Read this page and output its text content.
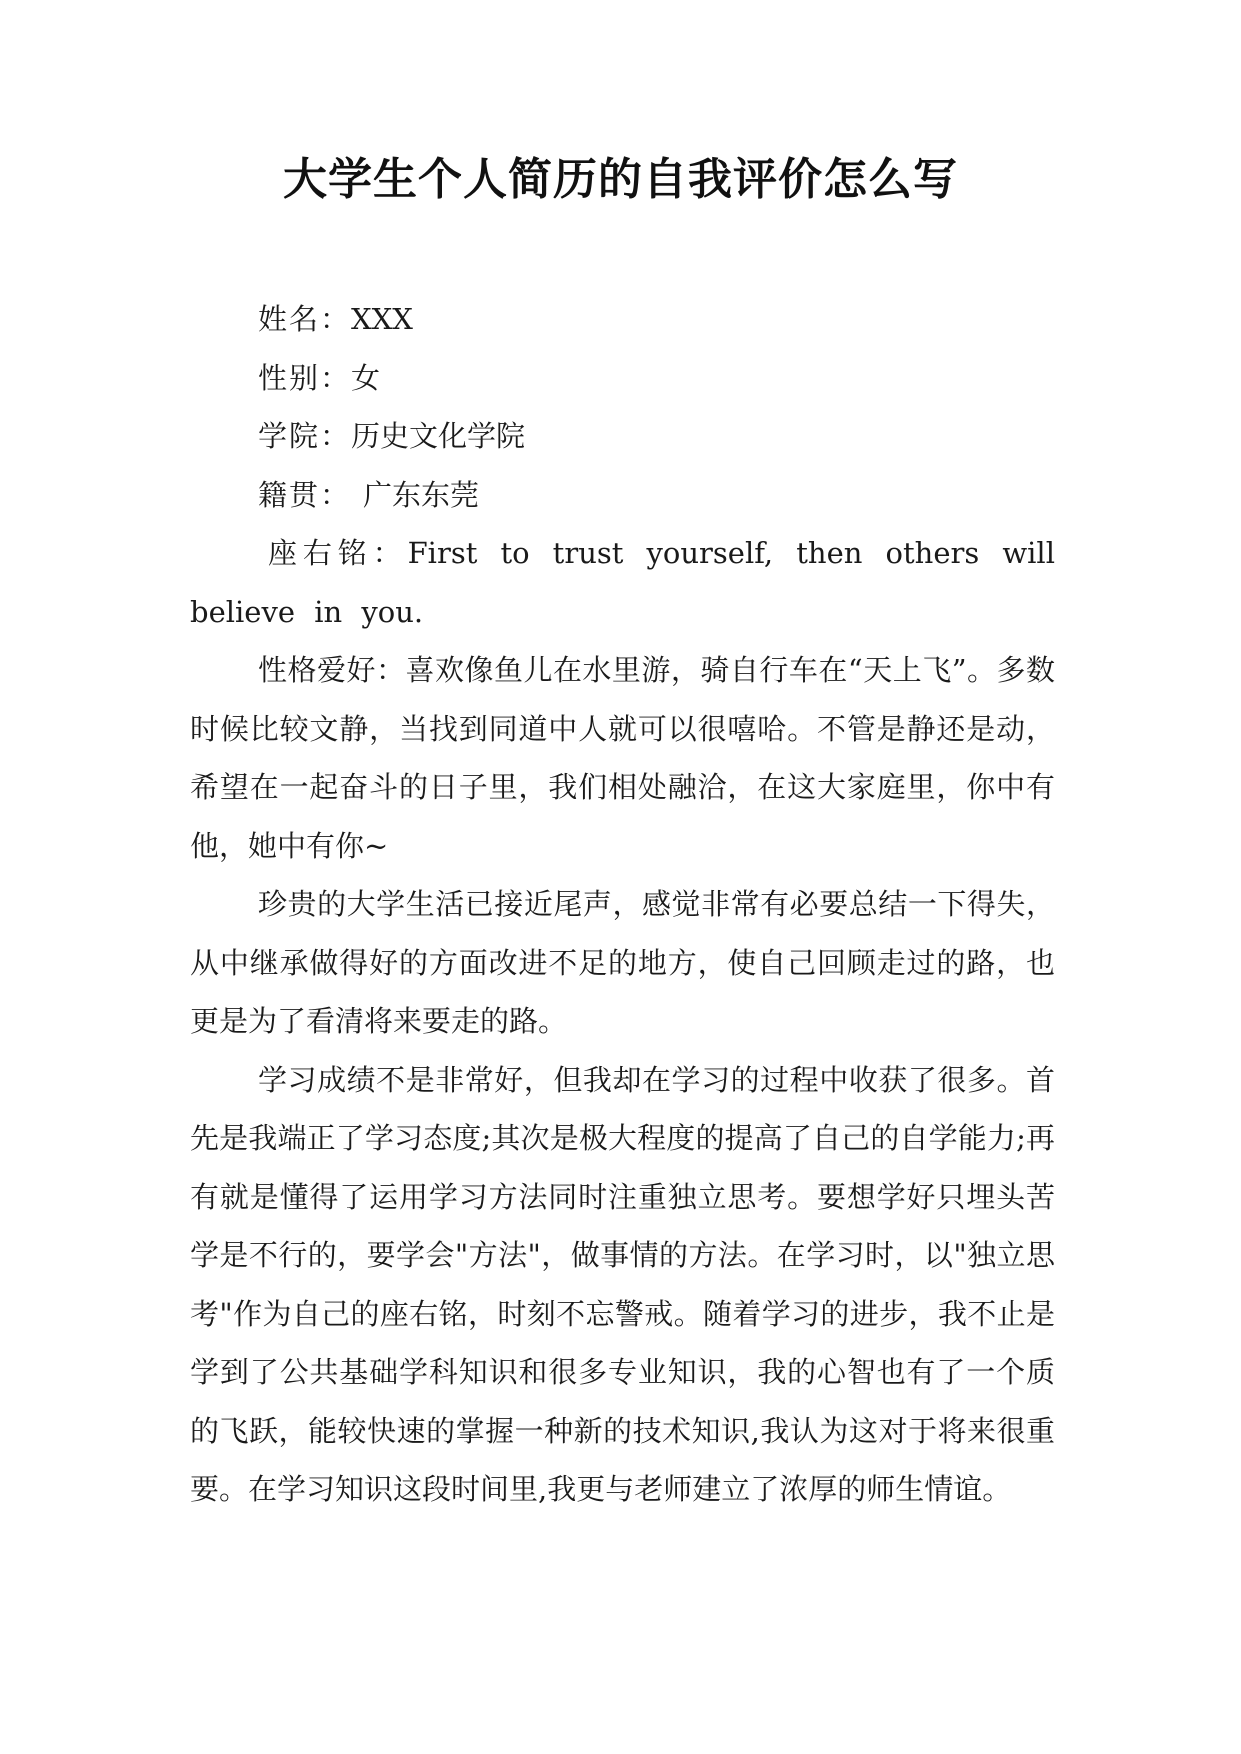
大学生个人简历的自我评价怎么写
姓名：XXX
性别：女
学院：历史文化学院
籍贯： 广东东莞

座右铭：First to trust yourself, then others will believe in you.

性格爱好：喜欢像鱼儿在水里游，骑自行车在“天上飞”。多数时候比较文静，当找到同道中人就可以很嘻哈。不管是静还是动，希望在一起奋斗的日子里，我们相处融洽，在这大家庭里，你中有他，她中有你~

珍贵的大学生活已接近尾声，感觉非常有必要总结一下得失，从中继承做得好的方面改进不足的地方，使自己回顾走过的路，也更是为了看清将来要走的路。

学习成绩不是非常好，但我却在学习的过程中收获了很多。首先是我端正了学习态度;其次是极大程度的提高了自己的自学能力;再有就是懂得了运用学习方法同时注重独立思考。要想学好只埋头苦学是不行的，要学会"方法"，做事情的方法。在学习时，以"独立思考"作为自己的座右铭，时刻不忘警戒。随着学习的进步，我不止是学到了公共基础学科知识和很多专业知识，我的心智也有了一个质的飞跃，能较快速的掌握一种新的技术知识,我认为这对于将来很重要。在学习知识这段时间里,我更与老师建立了浓厚的师生情谊。
